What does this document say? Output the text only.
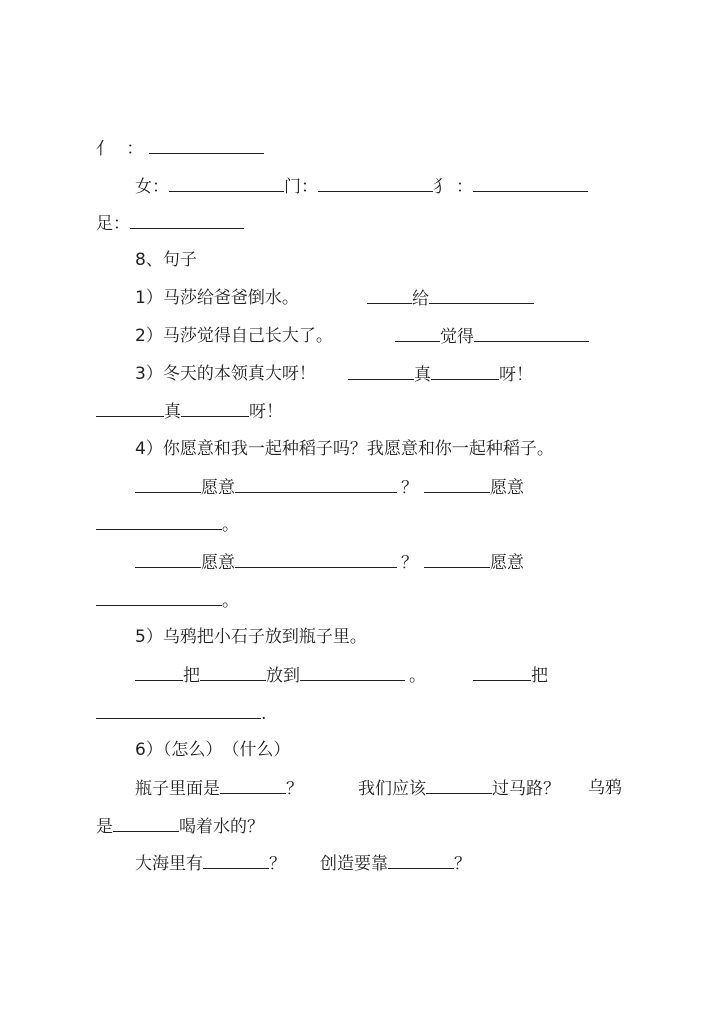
亻 ：
女：	门：	犭 ：
足：
8、句子
1）马莎给爸爸倒水。	给
2）马莎觉得自己长大了。	觉得
3）冬天的本领真大呀！	真	呀！
真	呀！
4）你愿意和我一起种稻子吗？我愿意和你一起种稻子。
愿意	？	愿意
。
愿意	？	愿意
。
5）乌鸦把小石子放到瓶子里。
把	放到	。	把
.
6）（怎么）　（什么）
瓶子里面是	？	我们应该	过马路？ 乌鸦
是	喝着水的？
大海里有	？ 创造要靠	？
